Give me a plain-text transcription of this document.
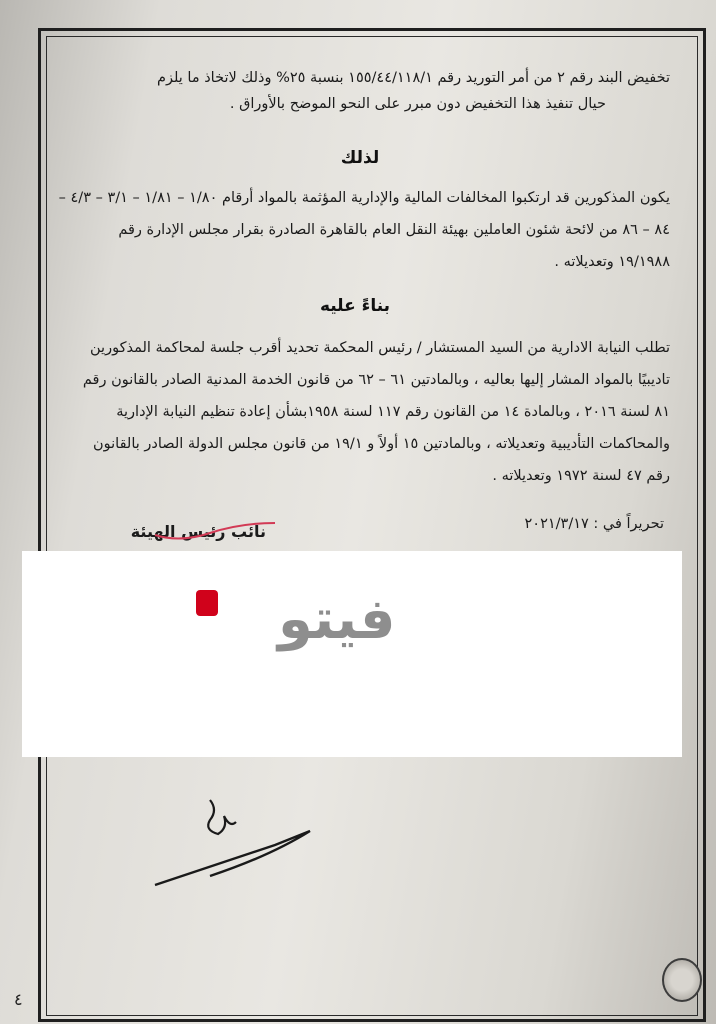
تخفيض البند رقم ٢ من أمر التوريد رقم ١٥٥/٤٤/١١٨/١ بنسبة ٢٥% وذلك لاتخاذ ما يلزم
حيال تنفيذ هذا التخفيض دون مبرر على النحو الموضح بالأوراق .
لذلك
يكون المذكورين قد ارتكبوا المخالفات المالية والإدارية المؤثمة بالمواد أرقام ١/٨٠ – ١/٨١ – ٣/١ – ٤/٣ –
٨٤ – ٨٦ من لائحة شئون العاملين بهيئة النقل العام بالقاهرة الصادرة بقرار مجلس الإدارة رقم
١٩/١٩٨٨ وتعديلاته .
بناءً عليه
تطلب النيابة الادارية من السيد المستشار / رئيس المحكمة تحديد أقرب جلسة لمحاكمة المذكورين
تاديبيًا بالمواد المشار إليها بعاليه ، وبالمادتين ٦١ – ٦٢ من قانون الخدمة المدنية الصادر بالقانون رقم
٨١ لسنة ٢٠١٦ ، وبالمادة ١٤ من القانون رقم ١١٧ لسنة ١٩٥٨بشأن إعادة تنظيم النيابة الإدارية
والمحاكمات التأديبية وتعديلاته ، وبالمادتين ١٥ أولاً و ١٩/١ من قانون مجلس الدولة الصادر بالقانون
رقم ٤٧ لسنة ١٩٧٢ وتعديلاته .
تحريراً في : ٢٠٢١/٣/١٧
نائب رئيس الهيئة
فيتو
٤
